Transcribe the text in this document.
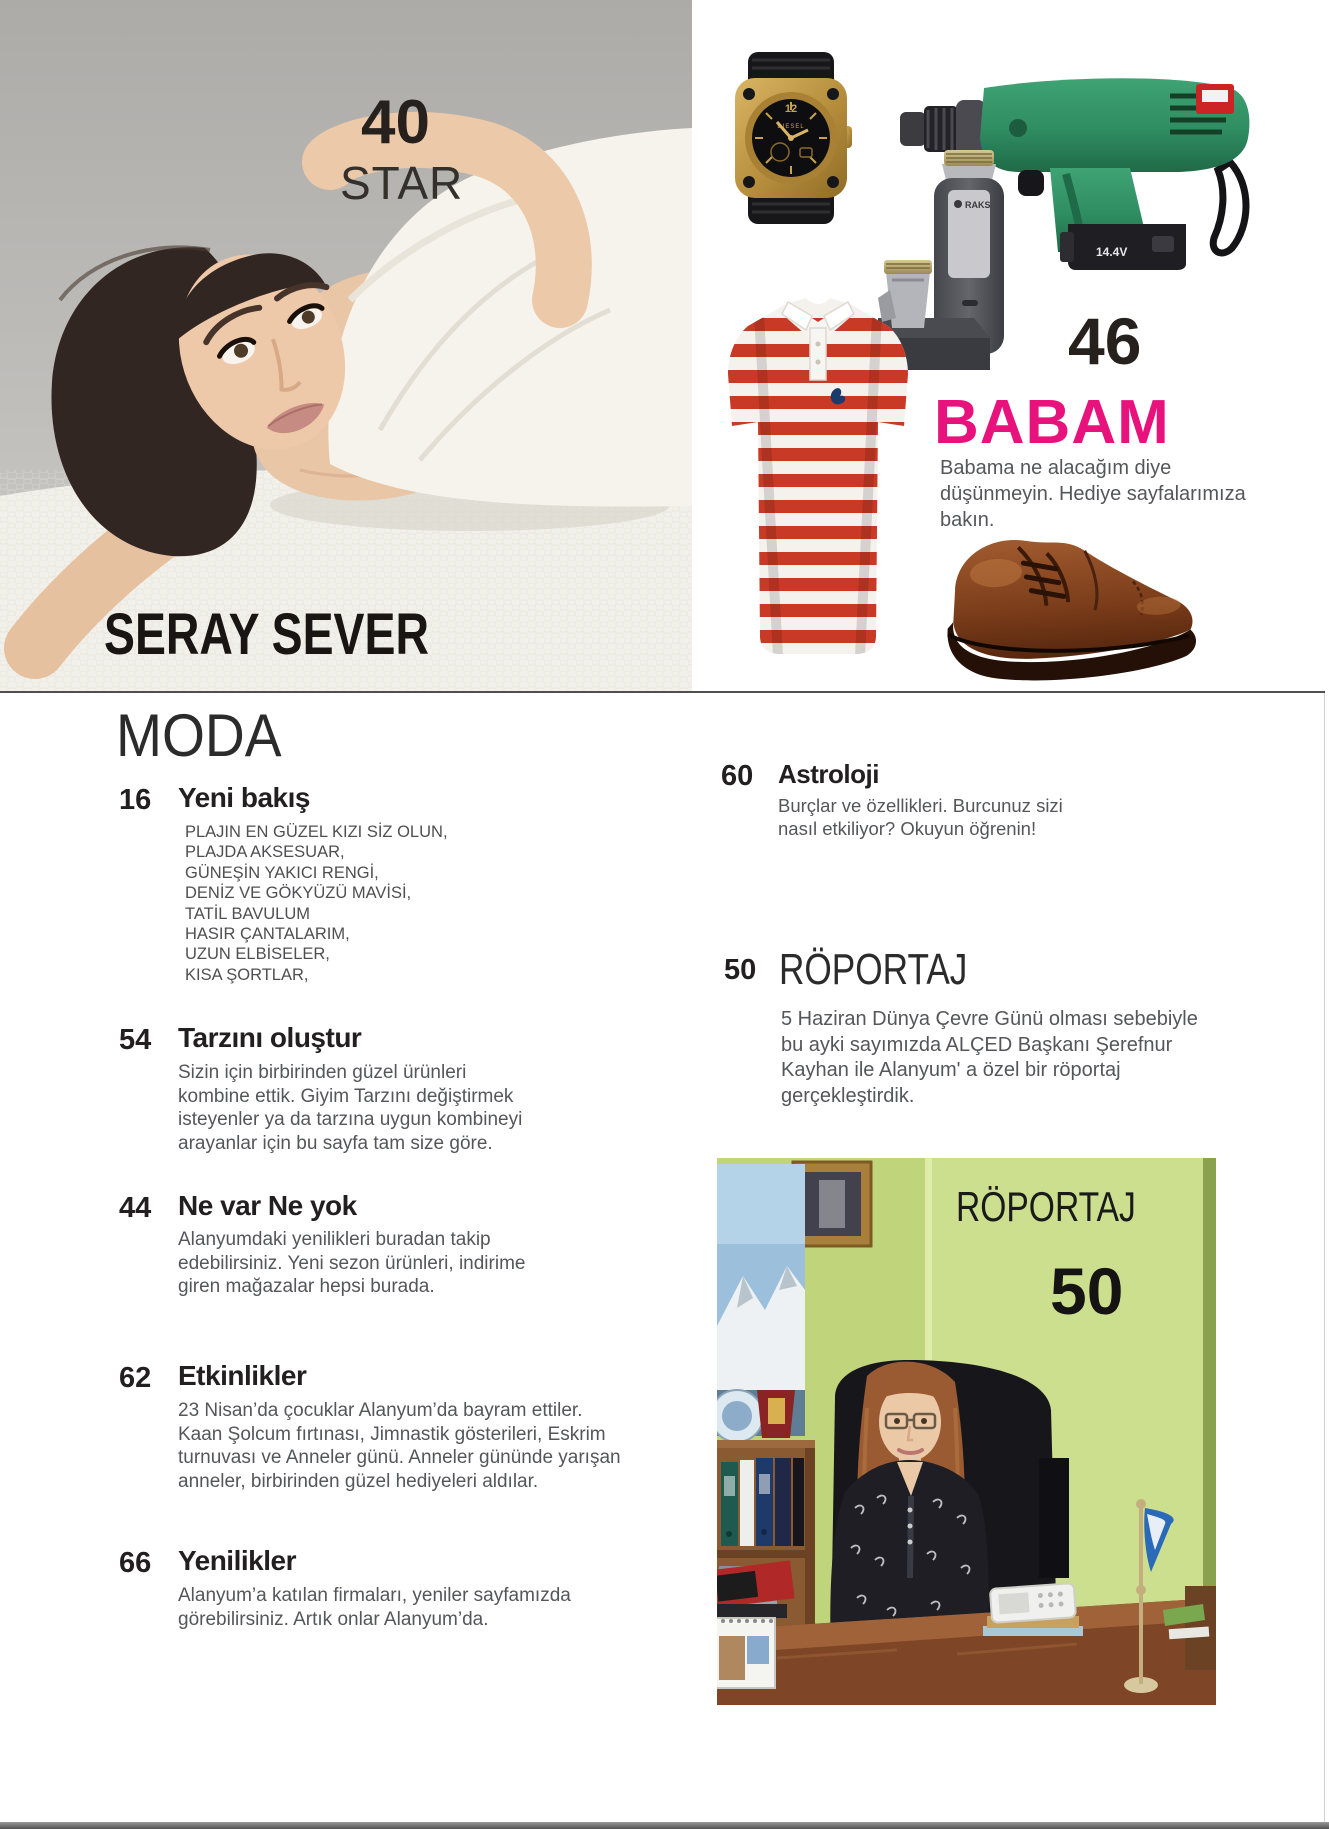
40
STAR
SERAY SEVER
12
DIESEL
14.4V
RAKS
46
BABAM
Babama ne alacağım diye
düşünmeyin. Hediye sayfalarımıza
bakın.
MODA
16 Yeni bakış
PLAJIN EN GÜZEL KIZI SİZ OLUN,
PLAJDA AKSESUAR,
GÜNEŞİN YAKICI RENGİ,
DENİZ VE GÖKYÜZÜ MAVİSİ,
TATİL BAVULUM
HASIR ÇANTALARIM,
UZUN ELBİSELER,
KISA ŞORTLAR,
54 Tarzını oluştur
Sizin için birbirinden güzel ürünleri
kombine ettik. Giyim Tarzını değiştirmek
isteyenler ya da tarzına uygun kombineyi
arayanlar için bu sayfa tam size göre.
44 Ne var Ne yok
Alanyumdaki yenilikleri buradan takip
edebilirsiniz. Yeni sezon ürünleri, indirime
giren mağazalar hepsi burada.
62 Etkinlikler
23 Nisan’da çocuklar Alanyum’da bayram ettiler.
Kaan Şolcum fırtınası, Jimnastik gösterileri, Eskrim
turnuvası ve Anneler günü. Anneler gününde yarışan
anneler, birbirinden güzel hediyeleri aldılar.
66 Yenilikler
Alanyum’a katılan firmaları, yeniler sayfamızda
görebilirsiniz. Artık onlar Alanyum’da.
60 Astroloji
Burçlar ve özellikleri. Burcunuz sizi
nasıl etkiliyor? Okuyun öğrenin!
50 RÖPORTAJ
5 Haziran Dünya Çevre Günü olması sebebiyle
bu ayki sayımızda ALÇED Başkanı Şerefnur
Kayhan ile Alanyum' a özel bir röportaj
gerçekleştirdik.
RÖPORTAJ
50
